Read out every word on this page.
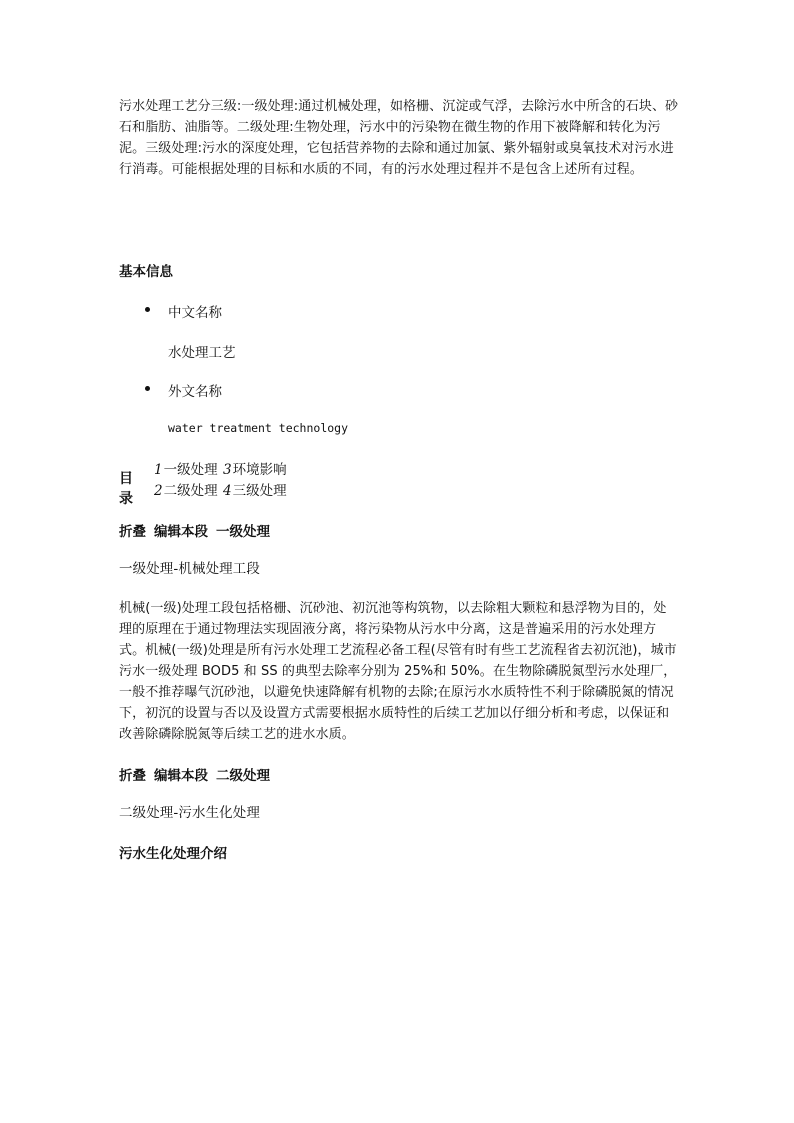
污水处理工艺分三级:一级处理:通过机械处理，如格栅、沉淀或气浮，去除污水中所含的石块、砂石和脂肪、油脂等。二级处理:生物处理，污水中的污染物在微生物的作用下被降解和转化为污泥。三级处理:污水的深度处理，它包括营养物的去除和通过加氯、紫外辐射或臭氧技术对污水进行消毒。可能根据处理的目标和水质的不同，有的污水处理过程并不是包含上述所有过程。

基本信息
中文名称
水处理工艺
外文名称
water treatment technology
目录
1一级处理
2二级处理
3环境影响
4三级处理
折叠 编辑本段 一级处理
一级处理-机械处理工段

机械(一级)处理工段包括格栅、沉砂池、初沉池等构筑物，以去除粗大颗粒和悬浮物为目的，处理的原理在于通过物理法实现固液分离，将污染物从污水中分离，这是普遍采用的污水处理方式。机械(一级)处理是所有污水处理工艺流程必备工程(尽管有时有些工艺流程省去初沉池)，城市污水一级处理 BOD5 和 SS 的典型去除率分别为 25%和 50%。在生物除磷脱氮型污水处理厂，一般不推荐曝气沉砂池，以避免快速降解有机物的去除;在原污水水质特性不利于除磷脱氮的情况下，初沉的设置与否以及设置方式需要根据水质特性的后续工艺加以仔细分析和考虑，以保证和改善除磷除脱氮等后续工艺的进水水质。

折叠 编辑本段 二级处理
二级处理-污水生化处理
污水生化处理介绍
